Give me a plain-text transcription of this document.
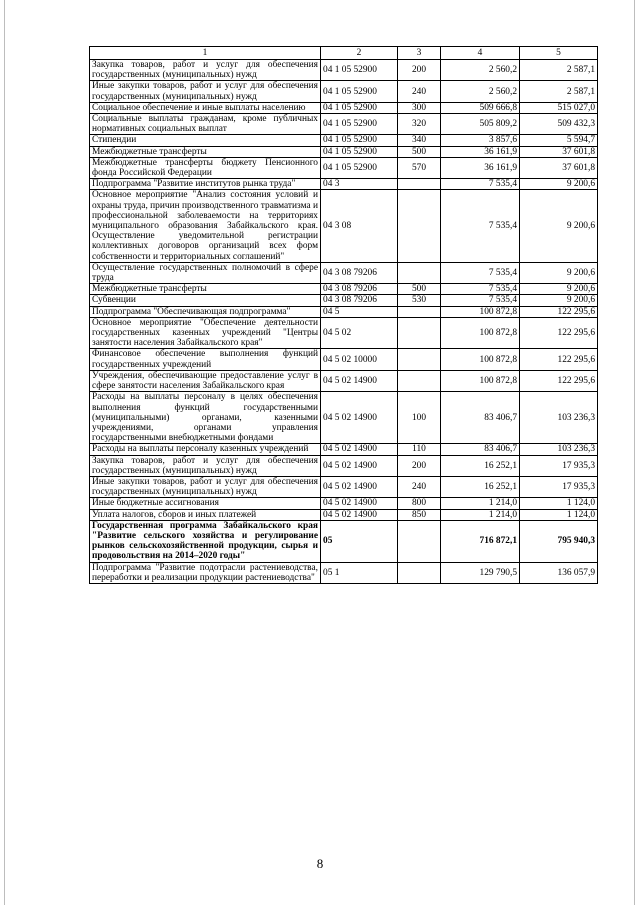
1	2	3	4	5
Закупка товаров, работ и услуг для обеспечения государственных (муниципальных) нужд	04 1 05 52900	200	2 560,2	2 587,1
Иные закупки товаров, работ и услуг для обеспечения государственных (муниципальных) нужд	04 1 05 52900	240	2 560,2	2 587,1
Социальное обеспечение и иные выплаты населению	04 1 05 52900	300	509 666,8	515 027,0
Социальные выплаты гражданам, кроме публичных нормативных социальных выплат	04 1 05 52900	320	505 809,2	509 432,3
Стипендии	04 1 05 52900	340	3 857,6	5 594,7
Межбюджетные трансферты	04 1 05 52900	500	36 161,9	37 601,8
Межбюджетные трансферты бюджету Пенсионного фонда Российской Федерации	04 1 05 52900	570	36 161,9	37 601,8
Подпрограмма "Развитие институтов рынка труда"	04 3		7 535,4	9 200,6
Основное мероприятие "Анализ состояния условий и охраны труда, причин производственного травматизма и профессиональной заболеваемости на территориях муниципального образования Забайкальского края. Осуществление уведомительной регистрации коллективных договоров организаций всех форм собственности и территориальных соглашений"	04 3 08		7 535,4	9 200,6
Осуществление государственных полномочий в сфере труда	04 3 08 79206		7 535,4	9 200,6
Межбюджетные трансферты	04 3 08 79206	500	7 535,4	9 200,6
Субвенции	04 3 08 79206	530	7 535,4	9 200,6
Подпрограмма "Обеспечивающая подпрограмма"	04 5		100 872,8	122 295,6
Основное мероприятие "Обеспечение деятельности государственных казенных учреждений "Центры занятости населения Забайкальского края"	04 5 02		100 872,8	122 295,6
Финансовое обеспечение выполнения функций государственных учреждений	04 5 02 10000		100 872,8	122 295,6
Учреждения, обеспечивающие предоставление услуг в сфере занятости населения Забайкальского края	04 5 02 14900		100 872,8	122 295,6
Расходы на выплаты персоналу в целях обеспечения выполнения функций государственными (муниципальными) органами, казенными учреждениями, органами управления государственными внебюджетными фондами	04 5 02 14900	100	83 406,7	103 236,3
Расходы на выплаты персоналу казенных учреждений	04 5 02 14900	110	83 406,7	103 236,3
Закупка товаров, работ и услуг для обеспечения государственных (муниципальных) нужд	04 5 02 14900	200	16 252,1	17 935,3
Иные закупки товаров, работ и услуг для обеспечения государственных (муниципальных) нужд	04 5 02 14900	240	16 252,1	17 935,3
Иные бюджетные ассигнования	04 5 02 14900	800	1 214,0	1 124,0
Уплата налогов, сборов и иных платежей	04 5 02 14900	850	1 214,0	1 124,0
Государственная программа Забайкальского края "Развитие сельского хозяйства и регулирование рынков сельскохозяйственной продукции, сырья и продовольствия на 2014–2020 годы"	05		716 872,1	795 940,3
Подпрограмма "Развитие подотрасли растениеводства, переработки и реализации продукции растениеводства"	05 1		129 790,5	136 057,9
8
